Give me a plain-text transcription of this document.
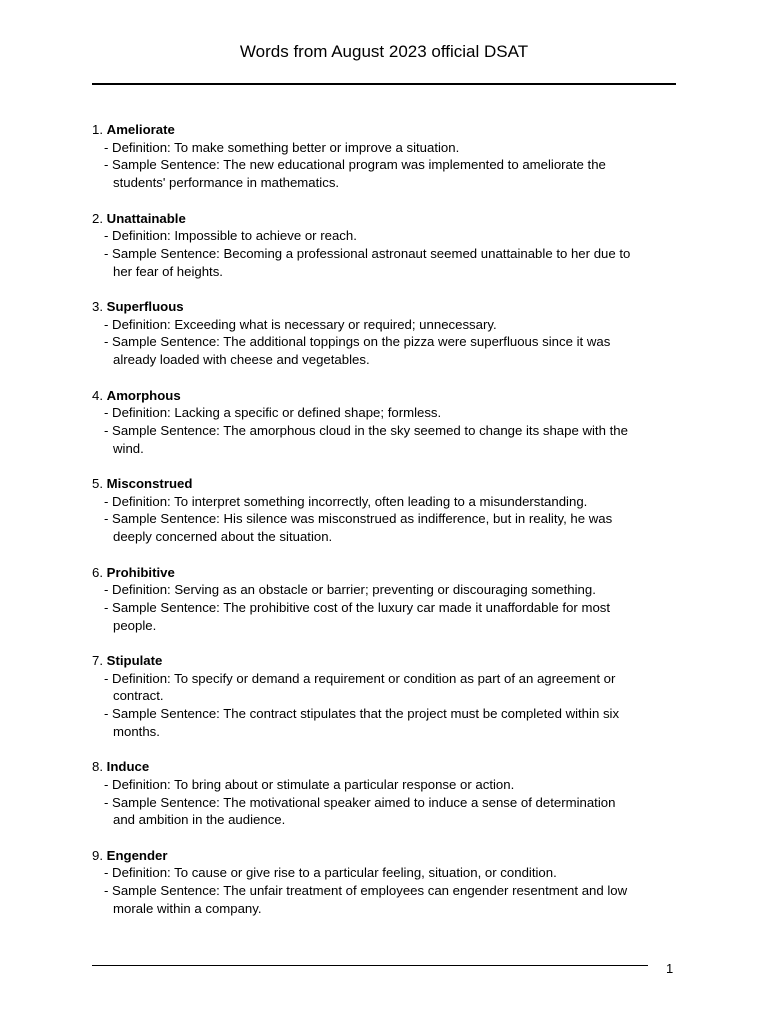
Words from August 2023 official DSAT
1. Ameliorate
- Definition: To make something better or improve a situation.
- Sample Sentence: The new educational program was implemented to ameliorate the
students' performance in mathematics.
2. Unattainable
- Definition: Impossible to achieve or reach.
- Sample Sentence: Becoming a professional astronaut seemed unattainable to her due to
her fear of heights.
3. Superfluous
- Definition: Exceeding what is necessary or required; unnecessary.
- Sample Sentence: The additional toppings on the pizza were superfluous since it was
already loaded with cheese and vegetables.
4. Amorphous
- Definition: Lacking a specific or defined shape; formless.
- Sample Sentence: The amorphous cloud in the sky seemed to change its shape with the
wind.
5. Misconstrued
- Definition: To interpret something incorrectly, often leading to a misunderstanding.
- Sample Sentence: His silence was misconstrued as indifference, but in reality, he was
deeply concerned about the situation.
6. Prohibitive
- Definition: Serving as an obstacle or barrier; preventing or discouraging something.
- Sample Sentence: The prohibitive cost of the luxury car made it unaffordable for most
people.
7. Stipulate
- Definition: To specify or demand a requirement or condition as part of an agreement or
contract.
- Sample Sentence: The contract stipulates that the project must be completed within six
months.
8. Induce
- Definition: To bring about or stimulate a particular response or action.
- Sample Sentence: The motivational speaker aimed to induce a sense of determination
and ambition in the audience.
9. Engender
- Definition: To cause or give rise to a particular feeling, situation, or condition.
- Sample Sentence: The unfair treatment of employees can engender resentment and low
morale within a company.
1
